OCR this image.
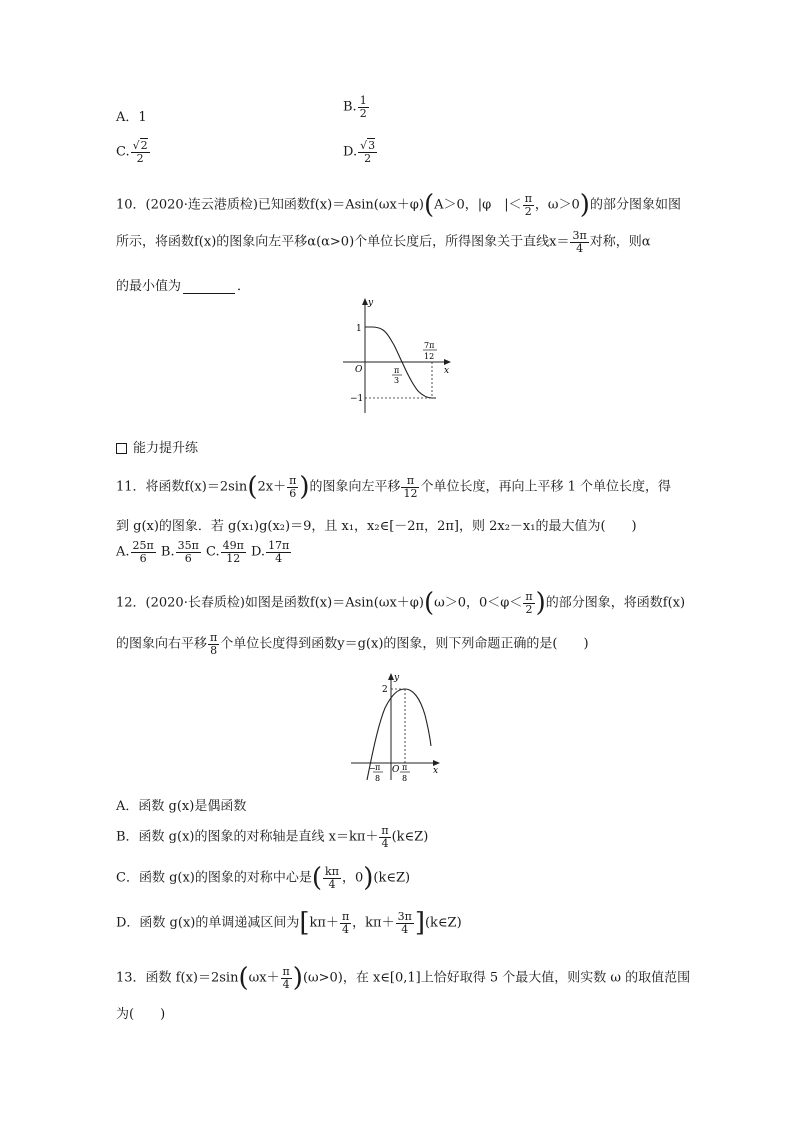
A．1
B. $\frac{1}{2}$
C. $\frac{√2}{2}$	D. $\frac{√3}{2}$
10．(2020·连云港质检)已知函数f(x)＝Asin(ωx＋φ)(A＞0，|φ  |＜ $\frac{\pi}{2}$ ，ω＞0)的部分图象如图
所示，将函数f(x)的图象向左平移α(α>0)个单位长度后，所得图象关于直线$x= \frac{3\pi}{4}$ 对称，则α
的最小值为	．
y
x
O
1
−1
π
3
7π
12
能力提升练
11．将函数$f(x)=2\sin(2x+ \frac{\pi}{6}$ )的图象向左平移 $\frac{\pi}{12}$ 个单位长度，再向上平移 1 个单位长度，得
到 g(x)的图象．若 g(x₁)g(x₂)＝9，且 x₁，x₂∈[－2π，2π]，则 2x₂－x₁的最大值为(　　)
A. $\frac{25\pi}{6} B$. $\frac{35\pi}{6} C$. $\frac{49\pi}{12} D$. $\frac{17\pi}{4}$
12．(2020·长春质检)如图是函数f(x)＝Asin(ωx＋φ)(ω＞0，$0<\varphi< \frac{\pi}{2}$ )的部分图象，将函数f(x)
的图象向右平移 $\frac{\pi}{8}$ 个单位长度得到函数y＝g(x)的图象，则下列命题正确的是(　　)
y
x
O
2
− π
8
π
8
A．函数 g(x)是偶函数
B．函数 g(x)的图象的对称轴是直线 $x=k\pi+ \frac{\pi}{4}$ (k∈Z)
C．函数 g(x)的图象的对称中心是( $\frac{k\pi}{4}$ ，0)(k∈Z)
D．函数 g(x)的单调递减区间为[$k\pi+ \frac{\pi}{4}$ ，$k\pi+ \frac{3\pi}{4}$ ](k∈Z)
13．函数 $f(x)=2\sin(\omega x+ \frac{\pi}{4} )(\omega>0)$，在 x∈[0,1]上恰好取得 5 个最大值，则实数 ω 的取值范围
为(　　)
